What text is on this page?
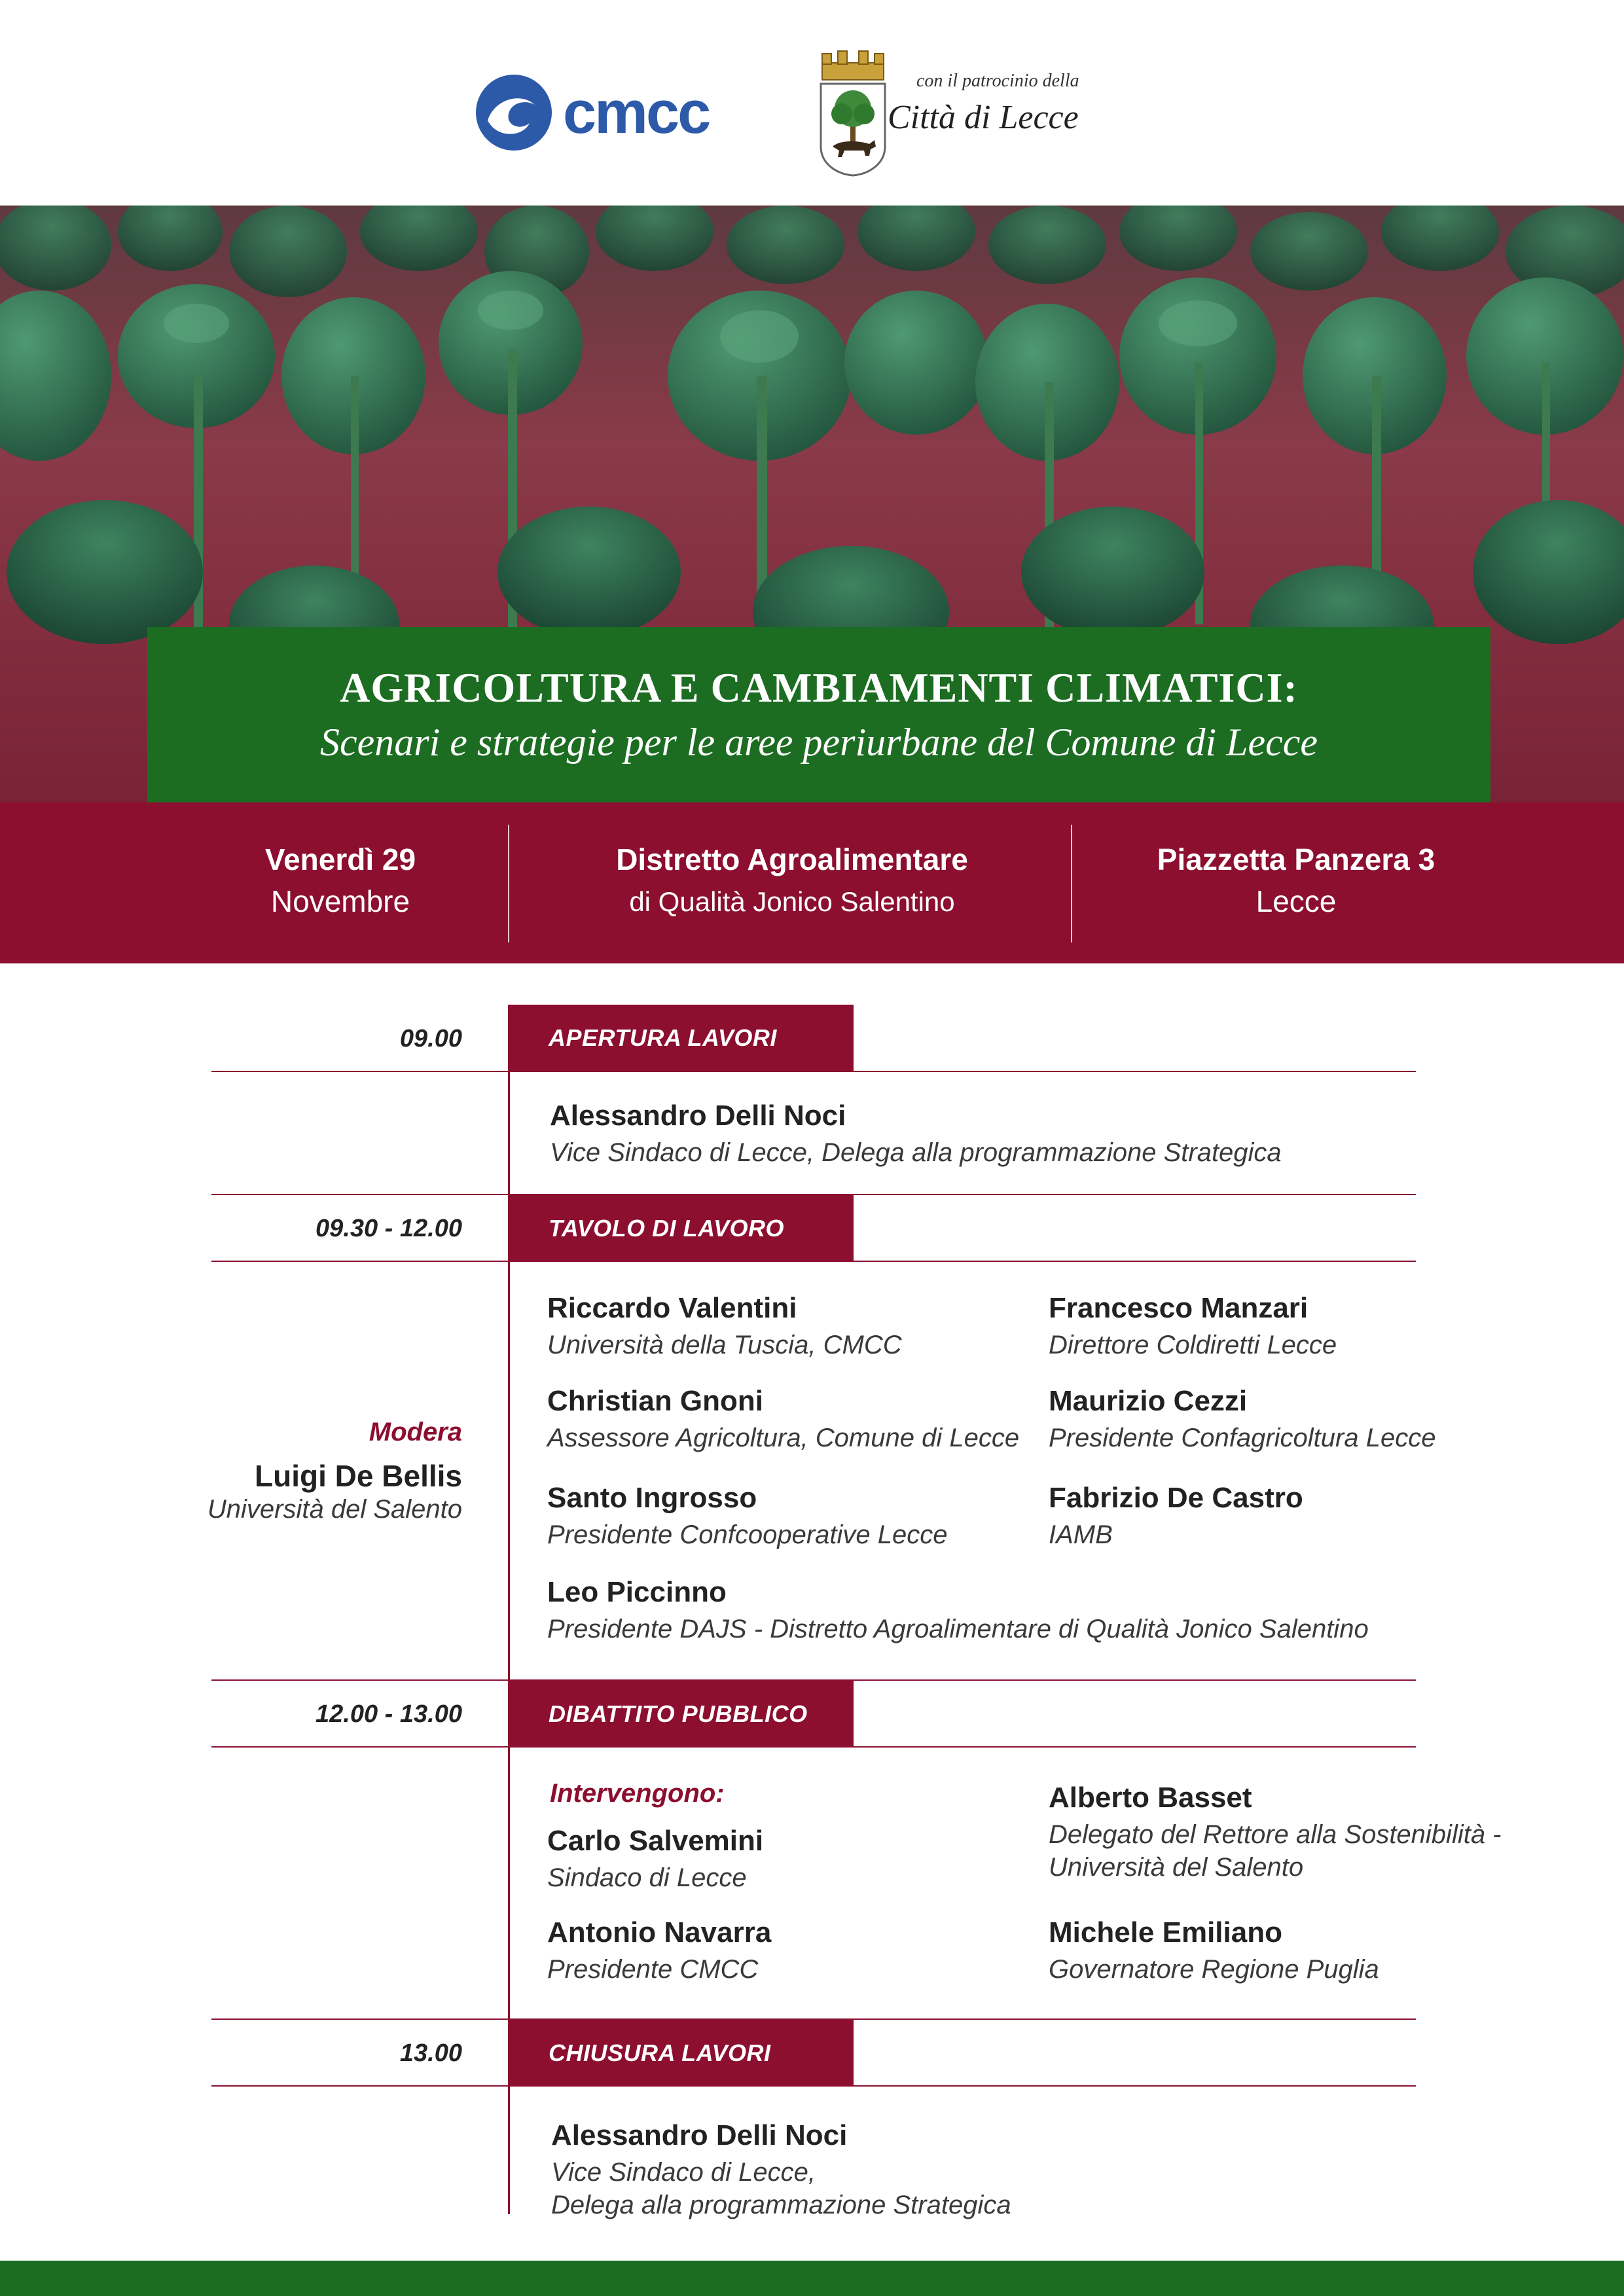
cmcc	con il patrocinio della
Città di Lecce
AGRICOLTURA E CAMBIAMENTI CLIMATICI:
Scenari e strategie per le aree periurbane del Comune di Lecce
Venerdì 29
Novembre
Distretto Agroalimentare
di Qualità Jonico Salentino
Piazzetta Panzera 3
Lecce
09.00	APERTURA LAVORI
Alessandro Delli Noci
Vice Sindaco di Lecce, Delega alla programmazione Strategica
09.30 - 12.00	TAVOLO DI LAVORO
Modera
Luigi De Bellis
Università del Salento
Riccardo Valentini
Università della Tuscia, CMCC
Francesco Manzari
Direttore Coldiretti Lecce
Christian Gnoni
Assessore Agricoltura, Comune di Lecce
Maurizio Cezzi
Presidente Confagricoltura Lecce
Santo Ingrosso
Presidente Confcooperative Lecce
Fabrizio De Castro
IAMB
Leo Piccinno
Presidente DAJS - Distretto Agroalimentare di Qualità Jonico Salentino
12.00 - 13.00	DIBATTITO PUBBLICO
Intervengono:
Carlo Salvemini
Sindaco di Lecce
Alberto Basset
Delegato del Rettore alla Sostenibilità -
Università del Salento
Antonio Navarra
Presidente CMCC
Michele Emiliano
Governatore Regione Puglia
13.00	CHIUSURA LAVORI
Alessandro Delli Noci
Vice Sindaco di Lecce,
Delega alla programmazione Strategica
